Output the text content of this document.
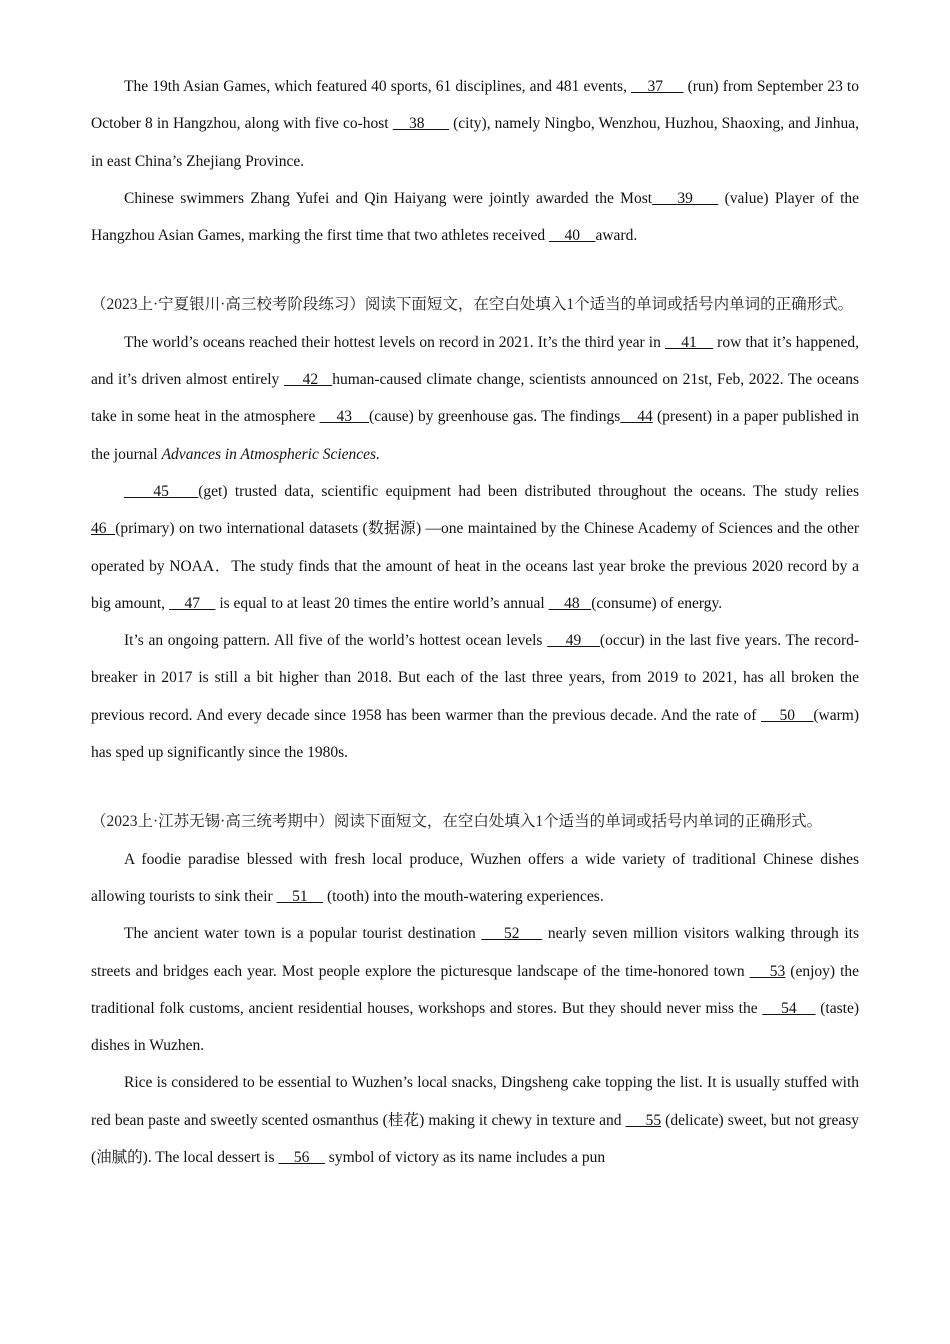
The 19th Asian Games, which featured 40 sports, 61 disciplines, and 481 events,     37      (run) from September 23 to October 8 in Hangzhou, along with five co-host     38       (city), namely Ningbo, Wenzhou, Huzhou, Shaoxing, and Jinhua, in east China’s Zhejiang Province.

Chinese swimmers Zhang Yufei and Qin Haiyang were jointly awarded the Most    39     (value) Player of the Hangzhou Asian Games, marking the first time that two athletes received     40    award.

（2023上·宁夏银川·高三校考阶段练习）阅读下面短文，在空白处填入1个适当的单词或括号内单词的正确形式。

The world’s oceans reached their hottest levels on record in 2021. It’s the third year in     41     row that it’s happened, and it’s driven almost entirely     42   human-caused climate change, scientists announced on 21st, Feb, 2022. The oceans take in some heat in the atmosphere     43    (cause) by greenhouse gas. The findings    44 (present) in a paper published in the journal Advances in Atmospheric Sciences.

45    (get) trusted data, scientific equipment had been distributed throughout the oceans. The study relies 46  (primary) on two international datasets (数据源) —one maintained by the Chinese Academy of Sciences and the other operated by NOAA．The study finds that the amount of heat in the oceans last year broke the previous 2020 record by a big amount,     47     is equal to at least 20 times the entire world’s annual     48   (consume) of energy.

It’s an ongoing pattern. All five of the world’s hottest ocean levels     49    (occur) in the last five years. The record-breaker in 2017 is still a bit higher than 2018. But each of the last three years, from 2019 to 2021, has all broken the previous record. And every decade since 1958 has been warmer than the previous decade. And the rate of     50    (warm) has sped up significantly since the 1980s.

（2023上·江苏无锡·高三统考期中）阅读下面短文，在空白处填入1个适当的单词或括号内单词的正确形式。

A foodie paradise blessed with fresh local produce, Wuzhen offers a wide variety of traditional Chinese dishes allowing tourists to sink their     51     (tooth) into the mouth-watering experiences.

The ancient water town is a popular tourist destination     52     nearly seven million visitors walking through its streets and bridges each year. Most people explore the picturesque landscape of the time-honored town     53 (enjoy) the traditional folk customs, ancient residential houses, workshops and stores. But they should never miss the     54     (taste) dishes in Wuzhen.

Rice is considered to be essential to Wuzhen’s local snacks, Dingsheng cake topping the list. It is usually stuffed with red bean paste and sweetly scented osmanthus (桂花) making it chewy in texture and      55 (delicate) sweet, but not greasy (油腻的). The local dessert is     56     symbol of victory as its name includes a pun
